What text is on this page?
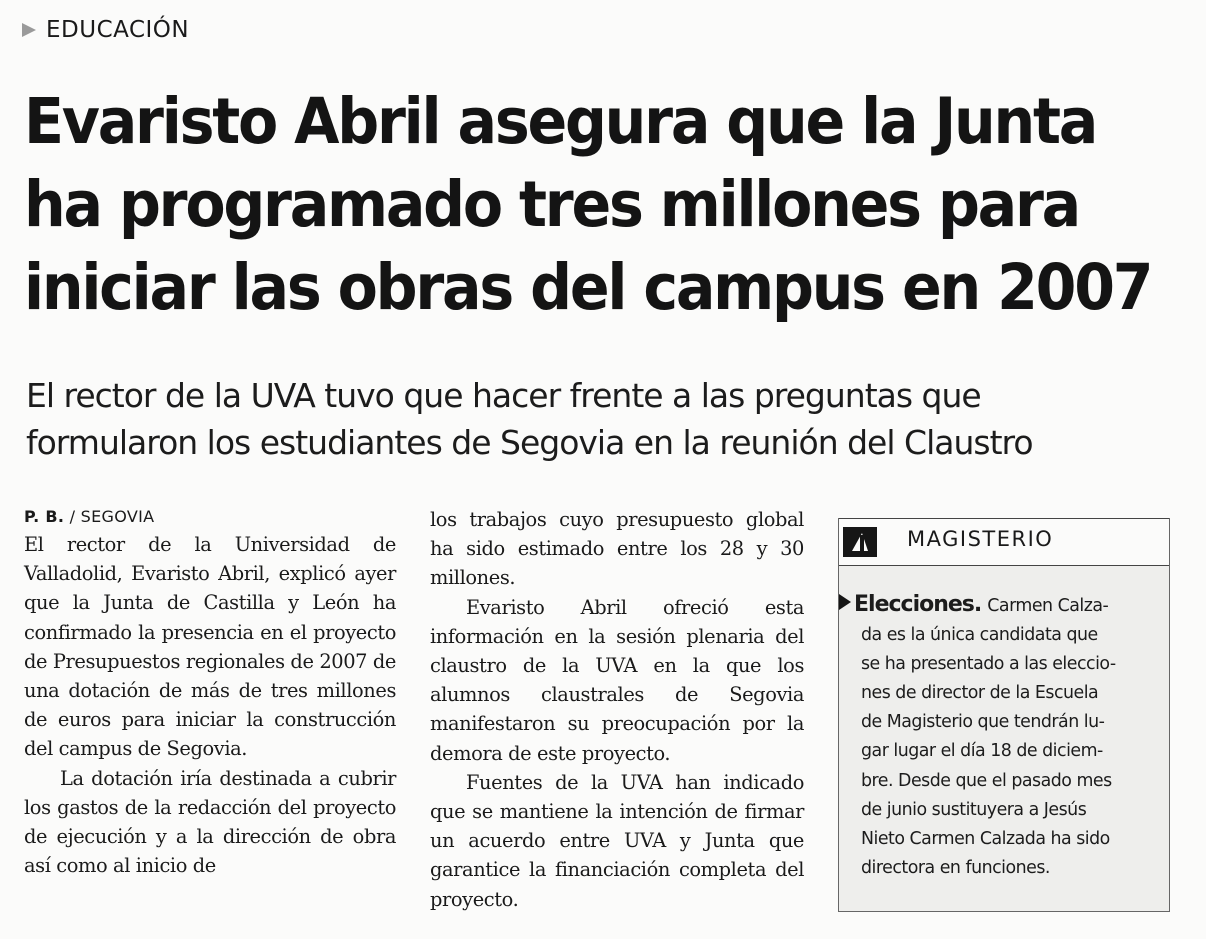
EDUCACIÓN
Evaristo Abril asegura que la Junta
ha programado tres millones para
iniciar las obras del campus en 2007
El rector de la UVA tuvo que hacer frente a las preguntas que
formularon los estudiantes de Segovia en la reunión del Claustro
P. B. / SEGOVIA

El rector de la Universidad de Valladolid, Evaristo Abril, explicó ayer que la Junta de Castilla y León ha confirmado la presencia en el proyecto de Presupuestos regionales de 2007 de una dotación de más de tres millones de euros para iniciar la construcción del campus de Segovia.

La dotación iría destinada a cubrir los gastos de la redacción del proyecto de ejecución y a la dirección de obra así como al inicio de

los trabajos cuyo presupuesto global ha sido estimado entre los 28 y 30 millones.

Evaristo Abril ofreció esta información en la sesión plenaria del claustro de la UVA en la que los alumnos claustrales de Segovia manifestaron su preocupación por la demora de este proyecto.

Fuentes de la UVA han indicado que se mantiene la intención de firmar un acuerdo entre UVA y Junta que garantice la financiación completa del proyecto.

MAGISTERIO
Elecciones. Carmen Calza-
da es la única candidata que
se ha presentado a las eleccio-
nes de director de la Escuela
de Magisterio que tendrán lu-
gar lugar el día 18 de diciem-
bre. Desde que el pasado mes
de junio sustituyera a Jesús
Nieto Carmen Calzada ha sido
directora en funciones.
